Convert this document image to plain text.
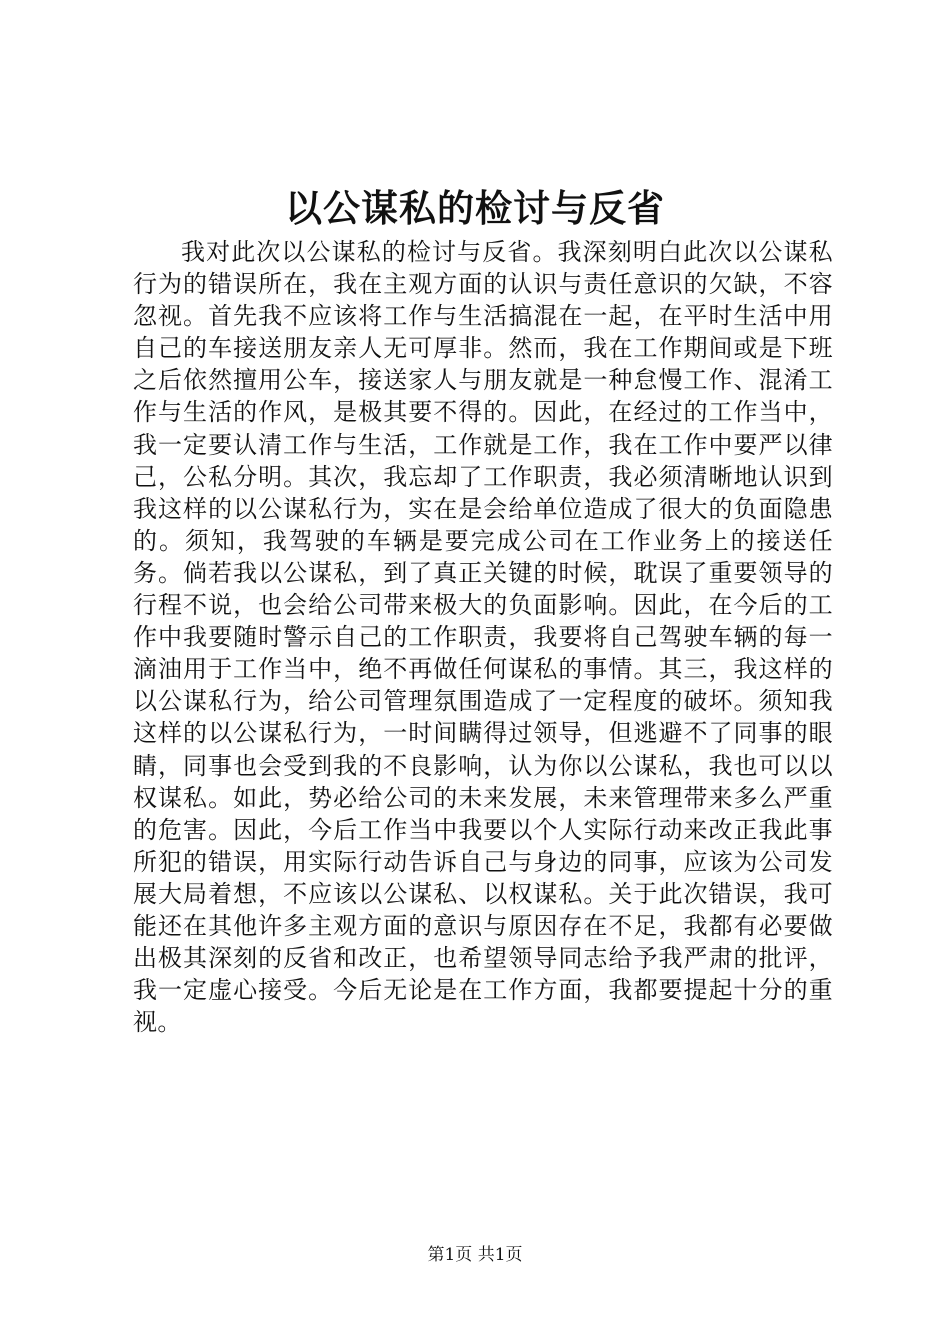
以公谋私的检讨与反省

我对此次以公谋私的检讨与反省。我深刻明白此次以公谋私行为的错误所在，我在主观方面的认识与责任意识的欠缺，不容忽视。首先我不应该将工作与生活搞混在一起，在平时生活中用自己的车接送朋友亲人无可厚非。然而，我在工作期间或是下班之后依然擅用公车，接送家人与朋友就是一种怠慢工作、混淆工作与生活的作风，是极其要不得的。因此，在经过的工作当中，我一定要认清工作与生活，工作就是工作，我在工作中要严以律己，公私分明。其次，我忘却了工作职责，我必须清晰地认识到我这样的以公谋私行为，实在是会给单位造成了很大的负面隐患的。须知，我驾驶的车辆是要完成公司在工作业务上的接送任务。倘若我以公谋私，到了真正关键的时候，耽误了重要领导的行程不说，也会给公司带来极大的负面影响。因此，在今后的工作中我要随时警示自己的工作职责，我要将自己驾驶车辆的每一滴油用于工作当中，绝不再做任何谋私的事情。其三，我这样的以公谋私行为，给公司管理氛围造成了一定程度的破坏。须知我这样的以公谋私行为，一时间瞒得过领导，但逃避不了同事的眼睛，同事也会受到我的不良影响，认为你以公谋私，我也可以以权谋私。如此，势必给公司的未来发展，未来管理带来多么严重的危害。因此，今后工作当中我要以个人实际行动来改正我此事所犯的错误，用实际行动告诉自己与身边的同事，应该为公司发展大局着想，不应该以公谋私、以权谋私。关于此次错误，我可能还在其他许多主观方面的意识与原因存在不足，我都有必要做出极其深刻的反省和改正，也希望领导同志给予我严肃的批评，我一定虚心接受。今后无论是在工作方面，我都要提起十分的重视。

第1页 共1页
